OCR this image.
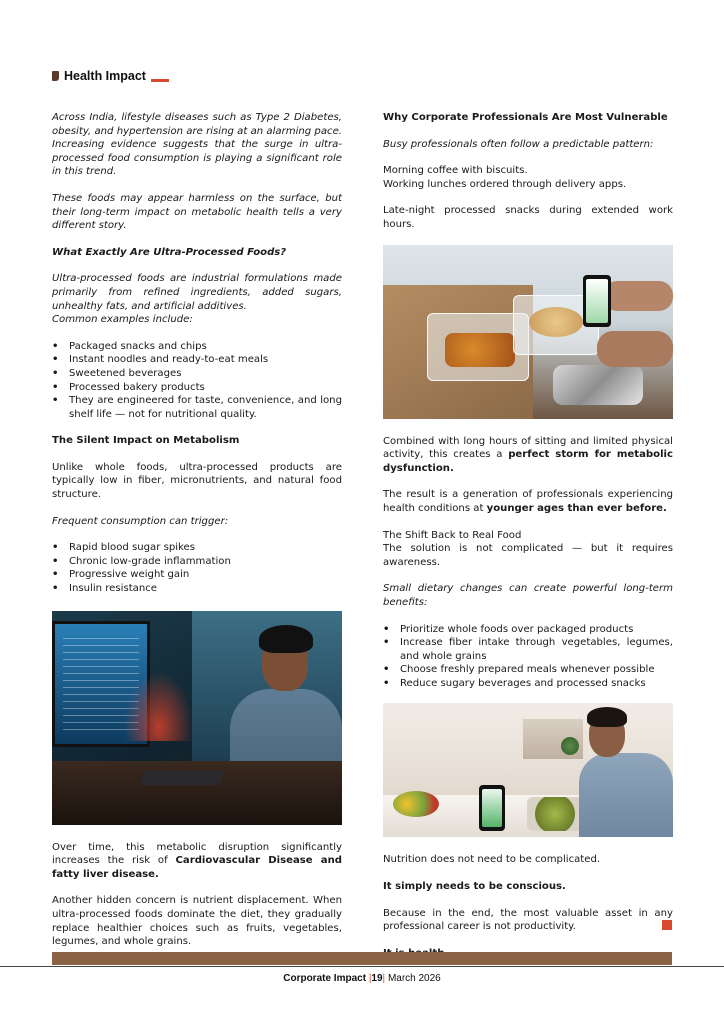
Health Impact

Across India, lifestyle diseases such as Type 2 Diabetes, obesity, and hypertension are rising at an alarming pace. Increasing evidence suggests that the surge in ultra-processed food consumption is playing a significant role in this trend.

These foods may appear harmless on the surface, but their long-term impact on metabolic health tells a very different story.

What Exactly Are Ultra-Processed Foods?

Ultra-processed foods are industrial formulations made primarily from refined ingredients, added sugars, unhealthy fats, and artificial additives.

Common examples include:

• Packaged snacks and chips
• Instant noodles and ready-to-eat meals
• Sweetened beverages
• Processed bakery products
• They are engineered for taste, convenience, and long shelf life — not for nutritional quality.

The Silent Impact on Metabolism

Unlike whole foods, ultra-processed products are typically low in fiber, micronutrients, and natural food structure.

Frequent consumption can trigger:

• Rapid blood sugar spikes
• Chronic low-grade inflammation
• Progressive weight gain
• Insulin resistance

Over time, this metabolic disruption significantly increases the risk of Cardiovascular Disease and fatty liver disease.

Another hidden concern is nutrient displacement. When ultra-processed foods dominate the diet, they gradually replace healthier choices such as fruits, vegetables, legumes, and whole grains.

Why Corporate Professionals Are Most Vulnerable

Busy professionals often follow a predictable pattern:

Morning coffee with biscuits.
Working lunches ordered through delivery apps.

Late-night processed snacks during extended work hours.

Combined with long hours of sitting and limited physical activity, this creates a perfect storm for metabolic dysfunction.

The result is a generation of professionals experiencing health conditions at younger ages than ever before.

The Shift Back to Real Food
The solution is not complicated — but it requires awareness.

Small dietary changes can create powerful long-term benefits:

• Prioritize whole foods over packaged products
• Increase fiber intake through vegetables, legumes, and whole grains
• Choose freshly prepared meals whenever possible
• Reduce sugary beverages and processed snacks

Nutrition does not need to be complicated.

It simply needs to be conscious.

Because in the end, the most valuable asset in any professional career is not productivity.

Corporate Impact |19| March 2026
